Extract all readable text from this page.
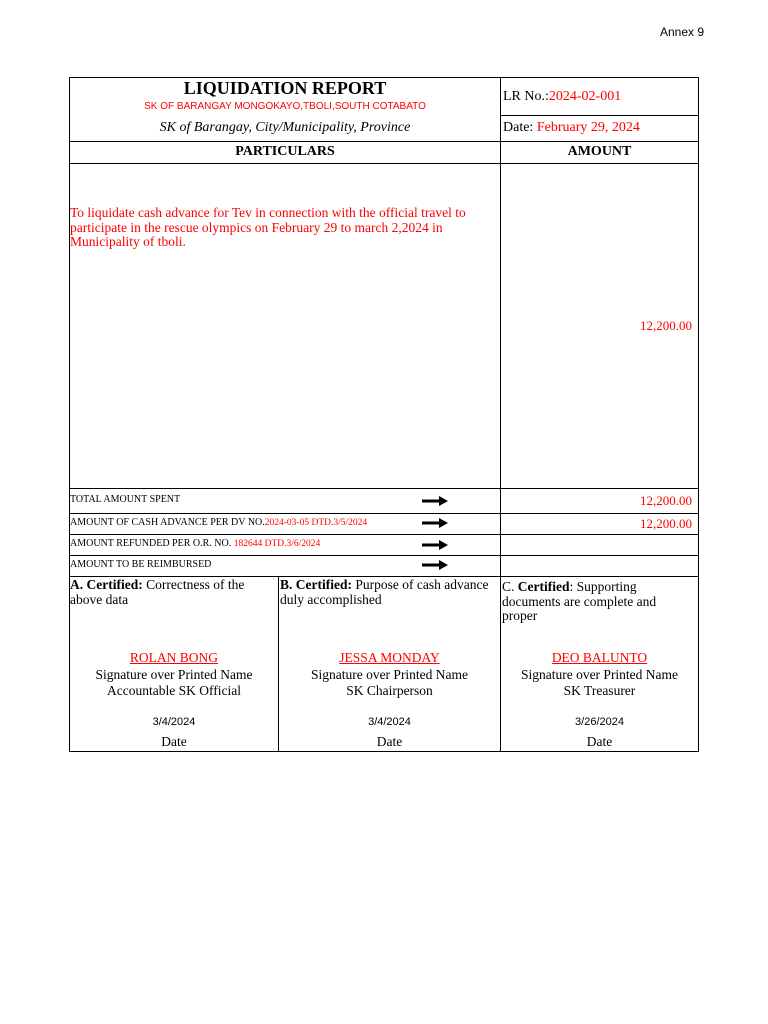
Annex 9
LIQUIDATION REPORT
SK OF BARANGAY MONGOKAYO,TBOLI,SOUTH COTABATO
SK of Barangay, City/Municipality, Province
LR No.:2024-02-001
Date: February 29, 2024
PARTICULARS	AMOUNT
To liquidate cash advance for Tev in connection with the official travel to
participate in the rescue olympics on February 29 to march 2,2024 in
Municipality of tboli.
12,200.00
TOTAL AMOUNT SPENT	12,200.00
AMOUNT OF CASH ADVANCE PER DV NO.2024-03-05 DTD.3/5/2024	12,200.00
AMOUNT REFUNDED PER O.R. NO. 182644 DTD.3/6/2024
AMOUNT TO BE REIMBURSED
A. Certified: Correctness of the
above data
ROLAN BONG
Signature over Printed Name
Accountable SK Official
3/4/2024
Date
B. Certified: Purpose of cash advance
duly accomplished
JESSA MONDAY
Signature over Printed Name
SK Chairperson
3/4/2024
Date
C. Certified: Supporting
documents are complete and
proper
DEO BALUNTO
Signature over Printed Name
SK Treasurer
3/26/2024
Date
